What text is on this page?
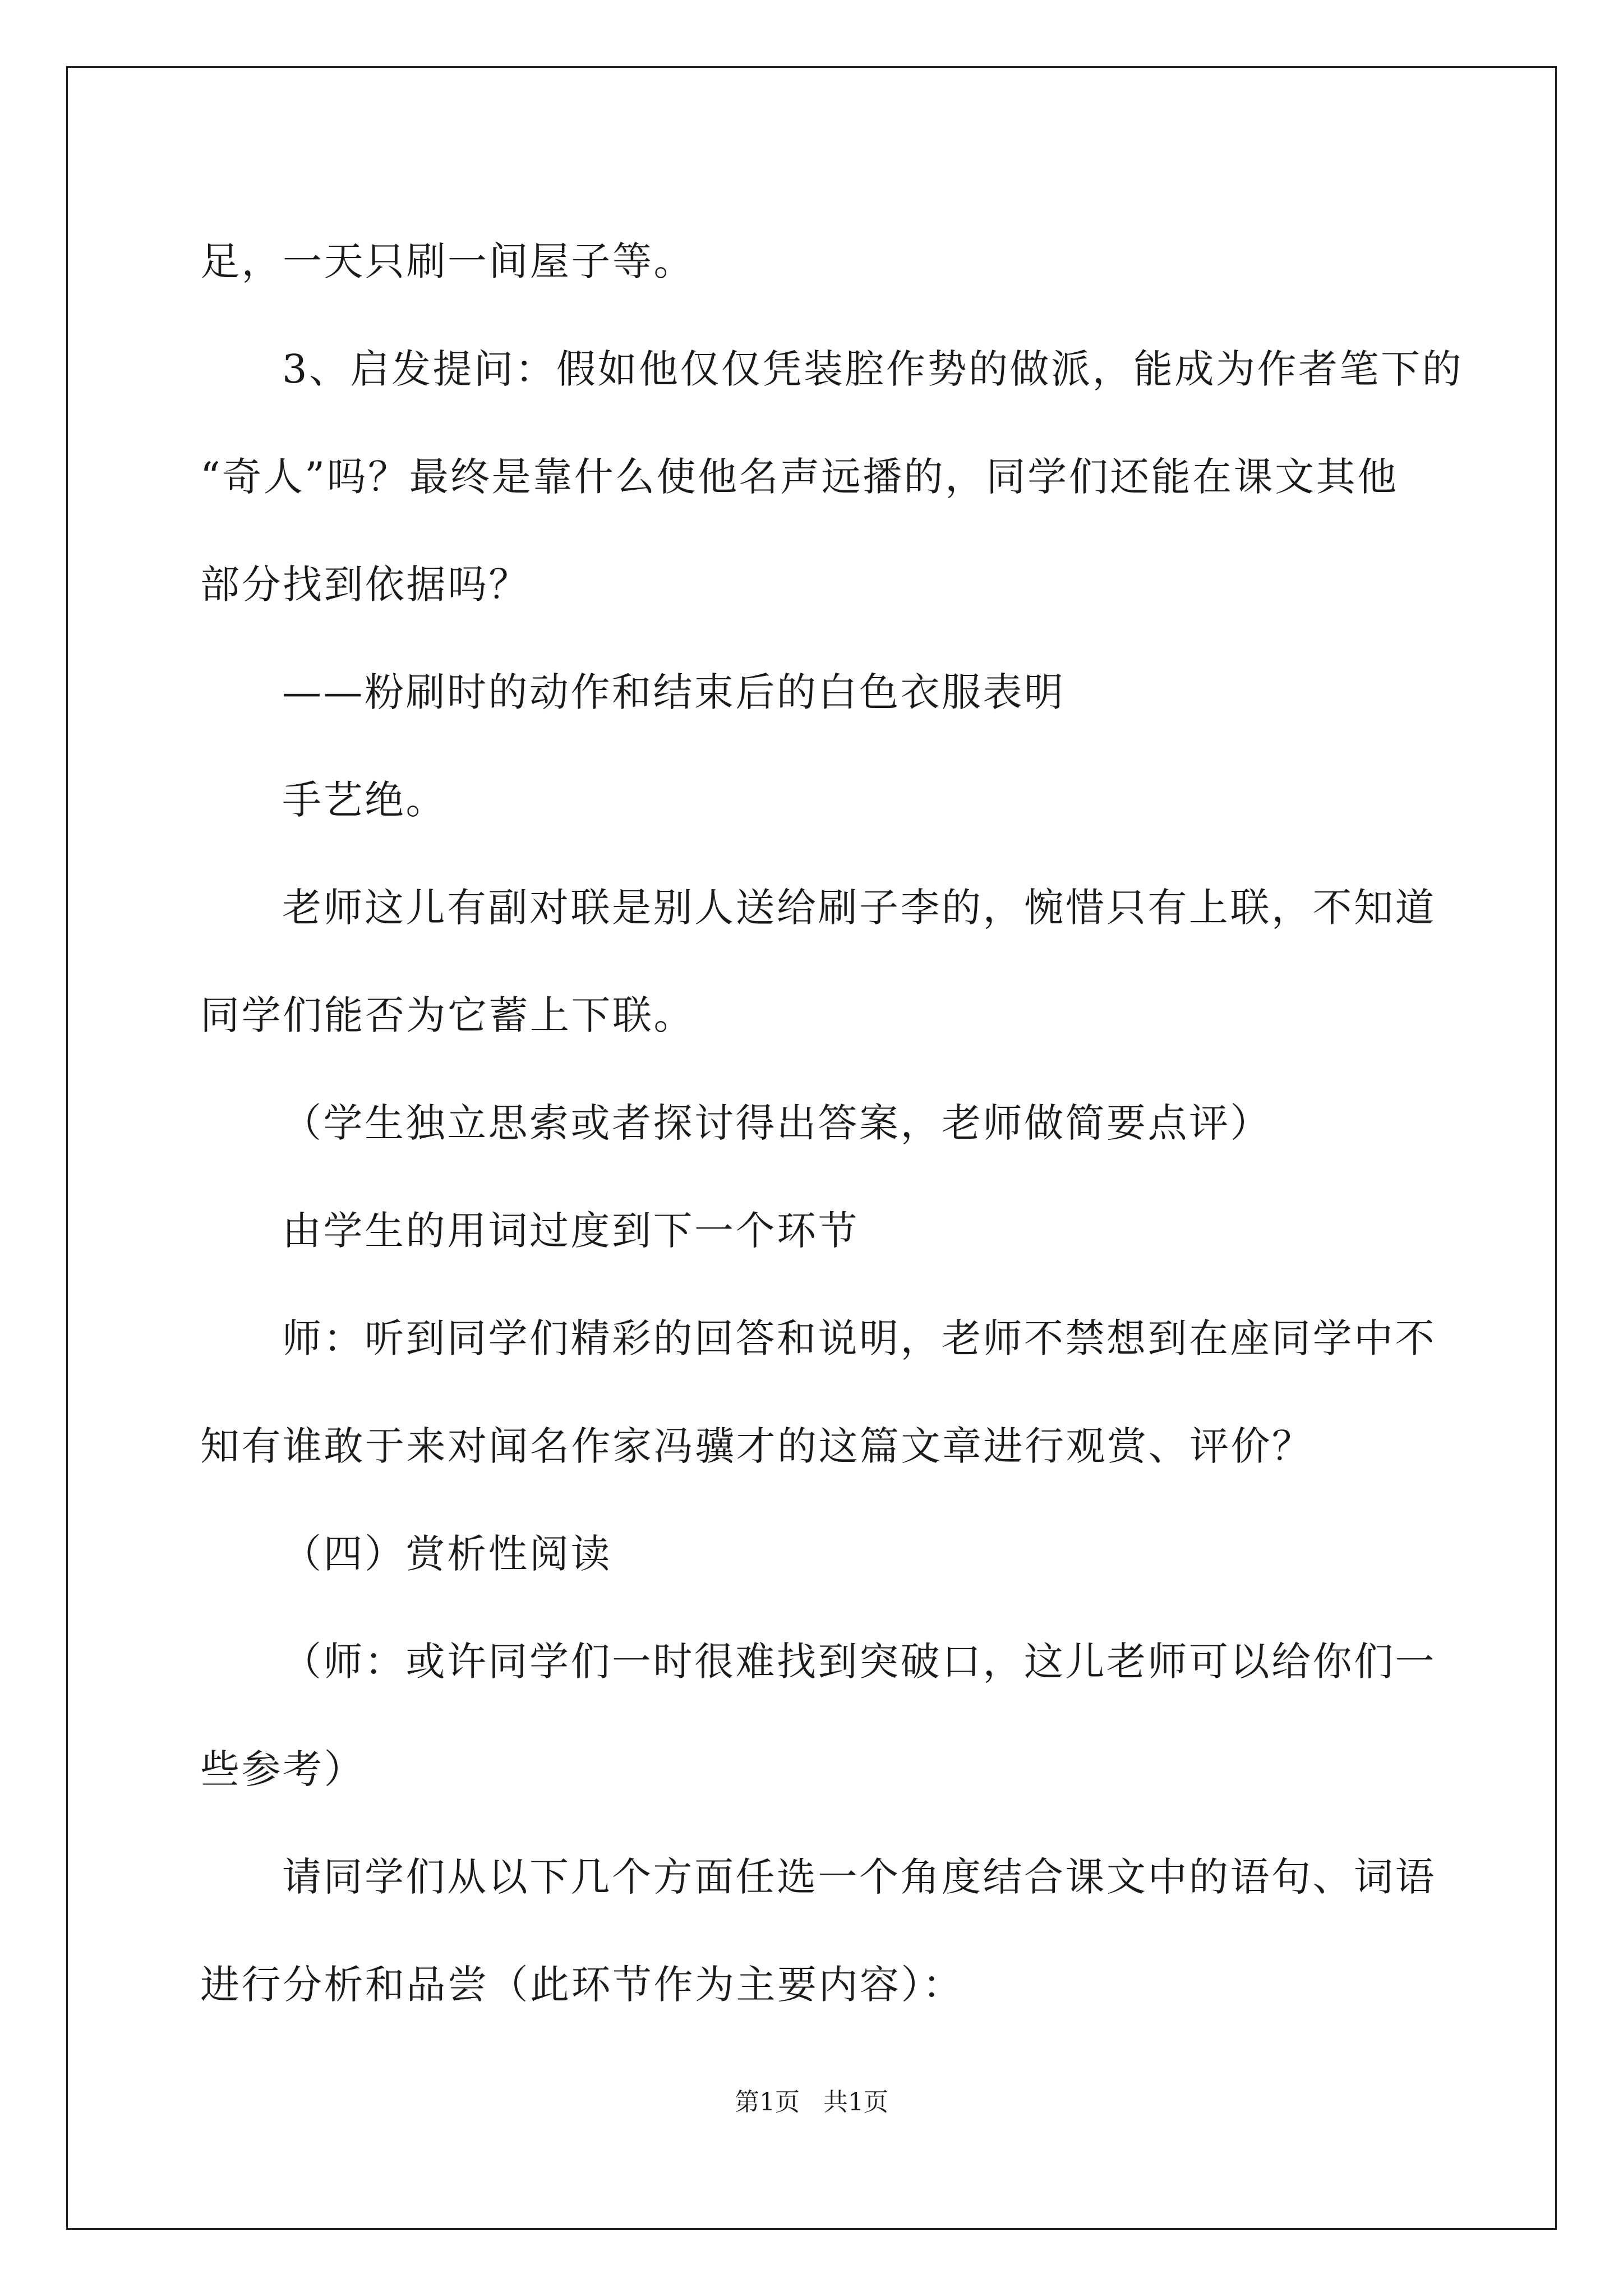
足，一天只刷一间屋子等。

3、启发提问：假如他仅仅凭装腔作势的做派，能成为作者笔下的

“奇人”吗？最终是靠什么使他名声远播的，同学们还能在课文其他

部分找到依据吗？

——粉刷时的动作和结束后的白色衣服表明

手艺绝。

老师这儿有副对联是别人送给刷子李的，惋惜只有上联，不知道

同学们能否为它蓄上下联。

（学生独立思索或者探讨得出答案，老师做简要点评）

由学生的用词过度到下一个环节

师：听到同学们精彩的回答和说明，老师不禁想到在座同学中不

知有谁敢于来对闻名作家冯骥才的这篇文章进行观赏、评价？

（四）赏析性阅读

（师：或许同学们一时很难找到突破口，这儿老师可以给你们一

些参考）

请同学们从以下几个方面任选一个角度结合课文中的语句、词语

进行分析和品尝（此环节作为主要内容）：

第1页   共1页
